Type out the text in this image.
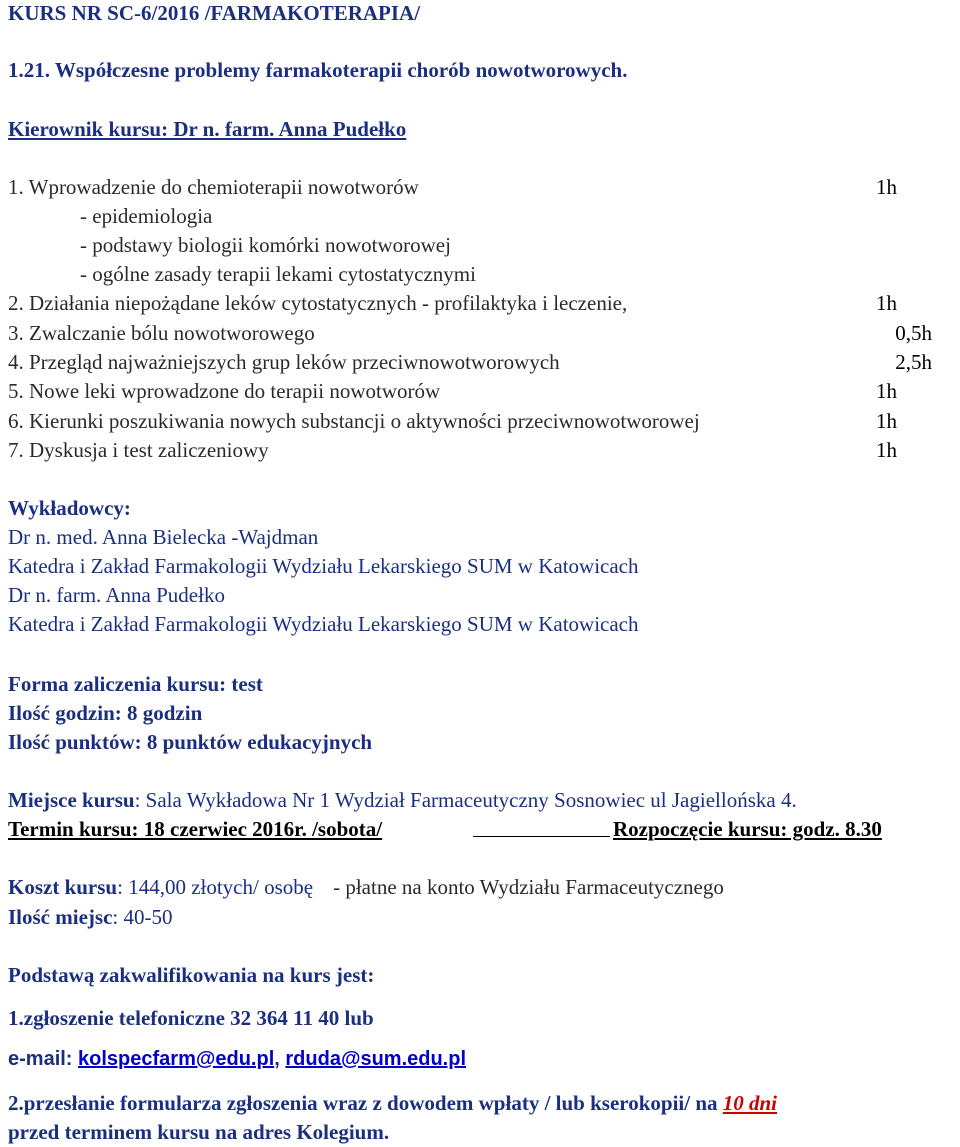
KURS NR SC-6/2016 /FARMAKOTERAPIA/
1.21. Współczesne problemy farmakoterapii chorób nowotworowych.
Kierownik kursu: Dr n. farm. Anna Pudełko
1. Wprowadzenie do chemioterapii nowotworów	1h
- epidemiologia
- podstawy biologii komórki nowotworowej
- ogólne zasady terapii lekami cytostatycznymi
2. Działania niepożądane leków cytostatycznych - profilaktyka i leczenie,	1h
3. Zwalczanie bólu nowotworowego	0,5h
4. Przegląd najważniejszych grup leków przeciwnowotworowych	2,5h
5. Nowe leki wprowadzone do terapii nowotworów	1h
6. Kierunki poszukiwania nowych substancji o aktywności przeciwnowotworowej	1h
7. Dyskusja i test zaliczeniowy	1h
Wykładowcy:
Dr n. med. Anna Bielecka -Wajdman
Katedra i Zakład Farmakologii Wydziału Lekarskiego SUM w Katowicach
Dr n. farm. Anna Pudełko
Katedra i Zakład Farmakologii Wydziału Lekarskiego SUM w Katowicach
Forma zaliczenia kursu: test
Ilość godzin: 8 godzin
Ilość punktów: 8 punktów edukacyjnych
Miejsce kursu: Sala Wykładowa Nr 1 Wydział Farmaceutyczny Sosnowiec ul Jagiellońska 4.
Termin kursu: 18 czerwiec 2016r. /sobota/	Rozpoczęcie kursu: godz. 8.30
Koszt kursu: 144,00 złotych/ osobę - płatne na konto Wydziału Farmaceutycznego
Ilość miejsc: 40-50
Podstawą zakwalifikowania na kurs jest:
1.zgłoszenie telefoniczne 32 364 11 40 lub
e-mail: kolspecfarm@edu.pl, rduda@sum.edu.pl
2.przesłanie formularza zgłoszenia wraz z dowodem wpłaty / lub kserokopii/ na 10 dni
przed terminem kursu na adres Kolegium.
